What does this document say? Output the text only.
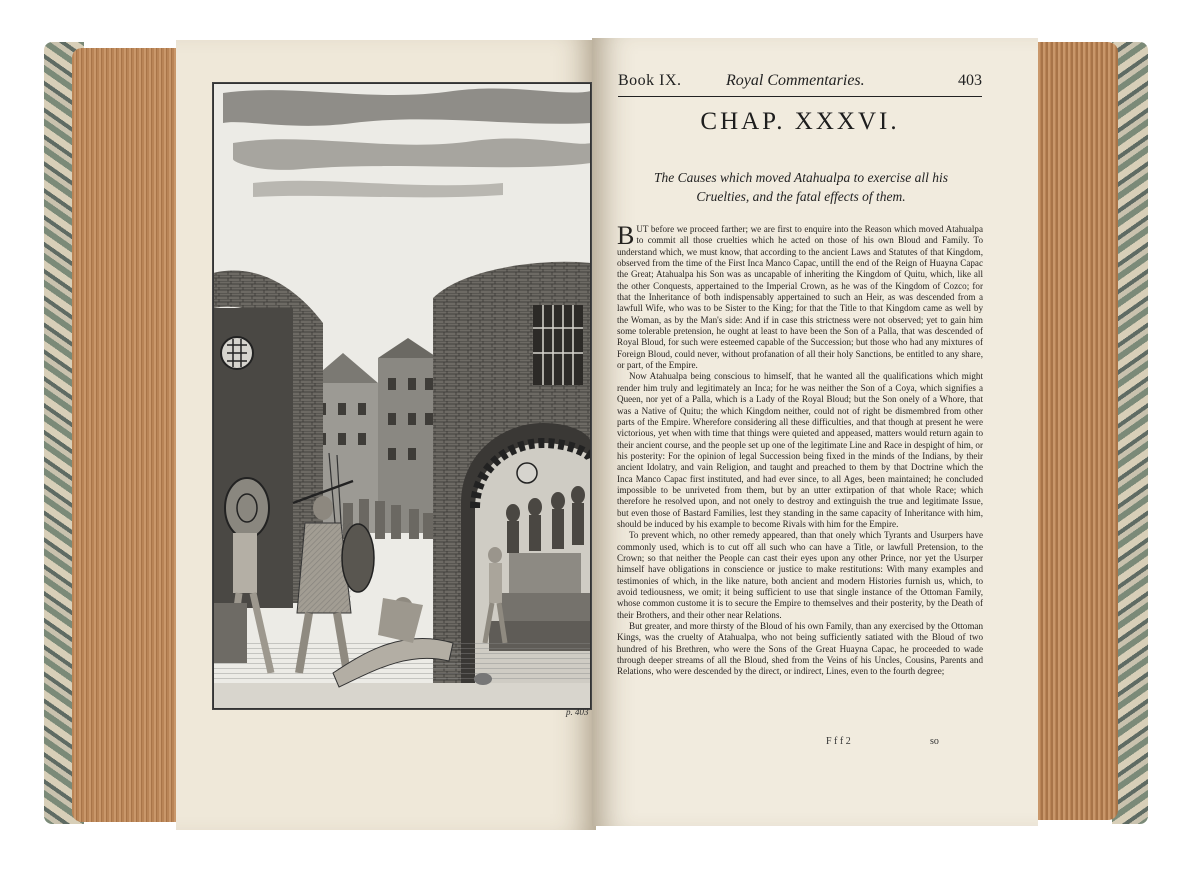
p. 403
Book IX.	Royal Commentaries.	403
CHAP. XXXVI.
The Causes which moved Atahualpa to exercise all his Cruelties, and the fatal effects of them.

BUT before we proceed farther; we are first to enquire into the Reason which moved Atahualpa to commit all those cruelties which he acted on those of his own Bloud and Family. To understand which, we must know, that according to the ancient Laws and Statutes of that Kingdom, observed from the time of the First Inca Manco Capac, untill the end of the Reign of Huayna Capac the Great; Atahualpa his Son was as uncapable of inheriting the Kingdom of Quitu, which, like all the other Conquests, appertained to the Imperial Crown, as he was of the Kingdom of Cozco; for that the Inheritance of both indispensably appertained to such an Heir, as was descended from a lawfull Wife, who was to be Sister to the King; for that the Title to that Kingdom came as well by the Woman, as by the Man's side: And if in case this strictness were not observed; yet to gain him some tolerable pretension, he ought at least to have been the Son of a Palla, that was descended of Royal Bloud, for such were esteemed capable of the Succession; but those who had any mixtures of Foreign Bloud, could never, without profanation of all their holy Sanctions, be entitled to any share, or part, of the Empire.

Now Atahualpa being conscious to himself, that he wanted all the qualifications which might render him truly and legitimately an Inca; for he was neither the Son of a Coya, which signifies a Queen, nor yet of a Palla, which is a Lady of the Royal Bloud; but the Son onely of a Whore, that was a Native of Quitu; the which Kingdom neither, could not of right be dismembred from other parts of the Empire. Wherefore considering all these difficulties, and that though at present he were victorious, yet when with time that things were quieted and appeased, matters would return again to their ancient course, and the people set up one of the legitimate Line and Race in despight of him, or his posterity: For the opinion of legal Succession being fixed in the minds of the Indians, by their ancient Idolatry, and vain Religion, and taught and preached to them by that Doctrine which the Inca Manco Capac first instituted, and had ever since, to all Ages, been maintained; he concluded impossible to be unriveted from them, but by an utter extirpation of that whole Race; which therefore he resolved upon, and not onely to destroy and extinguish the true and legitimate Issue, but even those of Bastard Families, lest they standing in the same capacity of Inheritance with him, should be induced by his example to become Rivals with him for the Empire.

To prevent which, no other remedy appeared, than that onely which Tyrants and Usurpers have commonly used, which is to cut off all such who can have a Title, or lawfull Pretension, to the Crown; so that neither the People can cast their eyes upon any other Prince, nor yet the Usurper himself have obligations in conscience or justice to make restitutions: With many examples and testimonies of which, in the like nature, both ancient and modern Histories furnish us, which, to avoid tediousness, we omit; it being sufficient to use that single instance of the Ottoman Family, whose common custome it is to secure the Empire to themselves and their posterity, by the Death of their Brothers, and their other near Relations.

But greater, and more thirsty of the Bloud of his own Family, than any exercised by the Ottoman Kings, was the cruelty of Atahualpa, who not being sufficiently satiated with the Bloud of two hundred of his Brethren, who were the Sons of the Great Huayna Capac, he proceeded to wade through deeper streams of all the Bloud, shed from the Veins of his Uncles, Cousins, Parents and Relations, who were descended by the direct, or indirect, Lines, even to the fourth degree;

F f f 2	so
